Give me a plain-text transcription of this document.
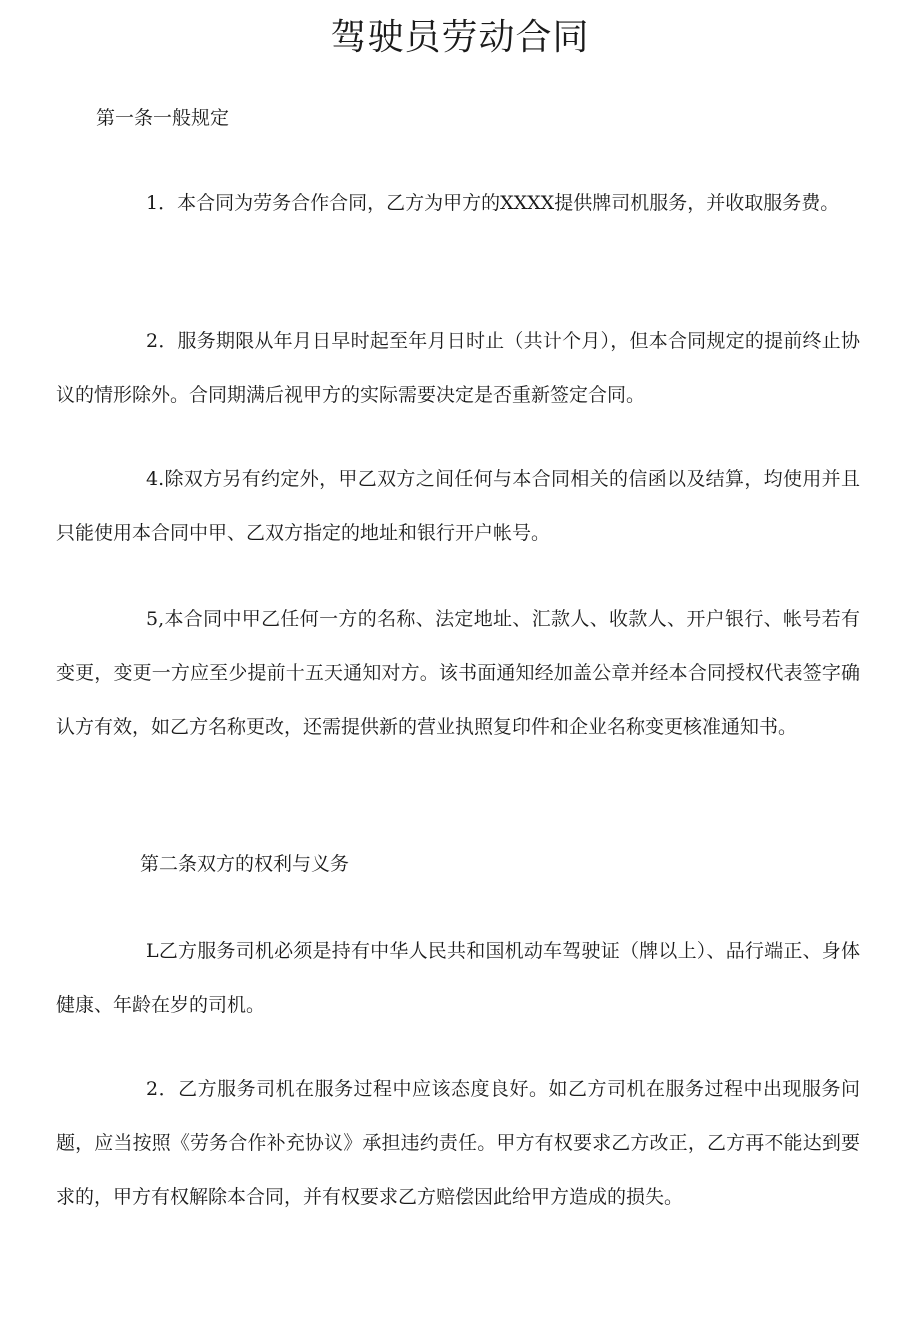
驾驶员劳动合同
第一条一般规定

1．本合同为劳务合作合同，乙方为甲方的XXXX提供牌司机服务，并收取服务费。

2．服务期限从年月日早时起至年月日时止（共计个月），但本合同规定的提前终止协议的情形除外。合同期满后视甲方的实际需要决定是否重新签定合同。

4.除双方另有约定外，甲乙双方之间任何与本合同相关的信函以及结算，均使用并且只能使用本合同中甲、乙双方指定的地址和银行开户帐号。

5,本合同中甲乙任何一方的名称、法定地址、汇款人、收款人、开户银行、帐号若有变更，变更一方应至少提前十五天通知对方。该书面通知经加盖公章并经本合同授权代表签字确认方有效，如乙方名称更改，还需提供新的营业执照复印件和企业名称变更核准通知书。

第二条双方的权利与义务

L乙方服务司机必须是持有中华人民共和国机动车驾驶证（牌以上）、品行端正、身体健康、年龄在岁的司机。

2．乙方服务司机在服务过程中应该态度良好。如乙方司机在服务过程中出现服务问题，应当按照《劳务合作补充协议》承担违约责任。甲方有权要求乙方改正，乙方再不能达到要求的，甲方有权解除本合同，并有权要求乙方赔偿因此给甲方造成的损失。
